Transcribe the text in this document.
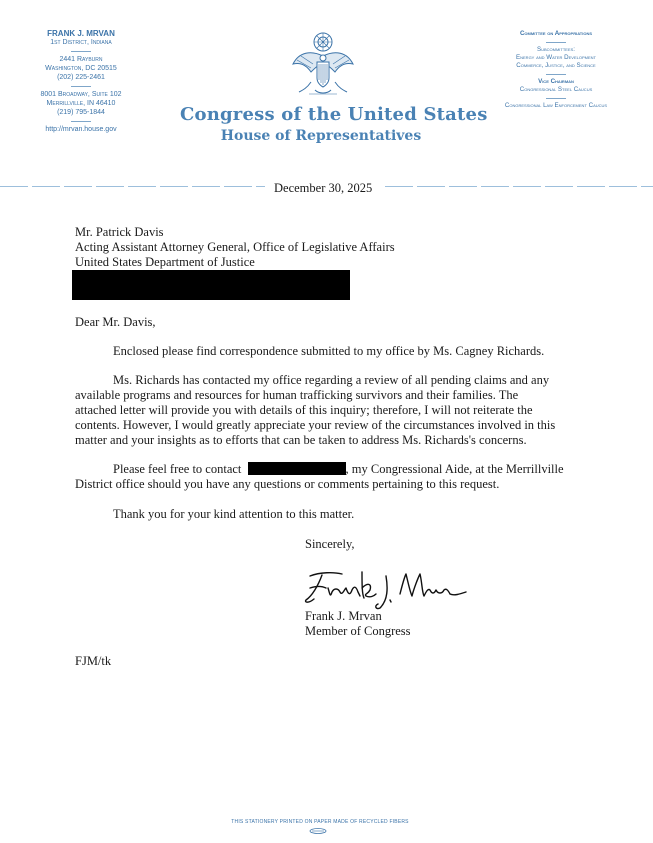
FRANK J. MRVAN
1st District, Indiana
2441 Rayburn
Washington, DC 20515
(202) 225-2461
8001 Broadway, Suite 102
Merrillville, IN 46410
(219) 795-1844
http://mrvan.house.gov
Committee on Appropriations
Subcommittees:
Energy and Water Development
Commerce, Justice, and Science
Vice Chairman
Congressional Steel Caucus
Congressional Law Enforcement Caucus
Congress of the United States
House of Representatives
December 30, 2025
Mr. Patrick Davis
Acting Assistant Attorney General, Office of Legislative Affairs
United States Department of Justice
Dear Mr. Davis,
Enclosed please find correspondence submitted to my office by Ms. Cagney Richards.
Ms. Richards has contacted my office regarding a review of all pending claims and any
available programs and resources for human trafficking survivors and their families. The
attached letter will provide you with details of this inquiry; therefore, I will not reiterate the
contents. However, I would greatly appreciate your review of the circumstances involved in this
matter and your insights as to efforts that can be taken to address Ms. Richards's concerns.
Please feel free to contact	, my Congressional Aide, at the Merrillville
District office should you have any questions or comments pertaining to this request.
Thank you for your kind attention to this matter.
Sincerely,
Frank J. Mrvan
Member of Congress
FJM/tk
THIS STATIONERY PRINTED ON PAPER MADE OF RECYCLED FIBERS
